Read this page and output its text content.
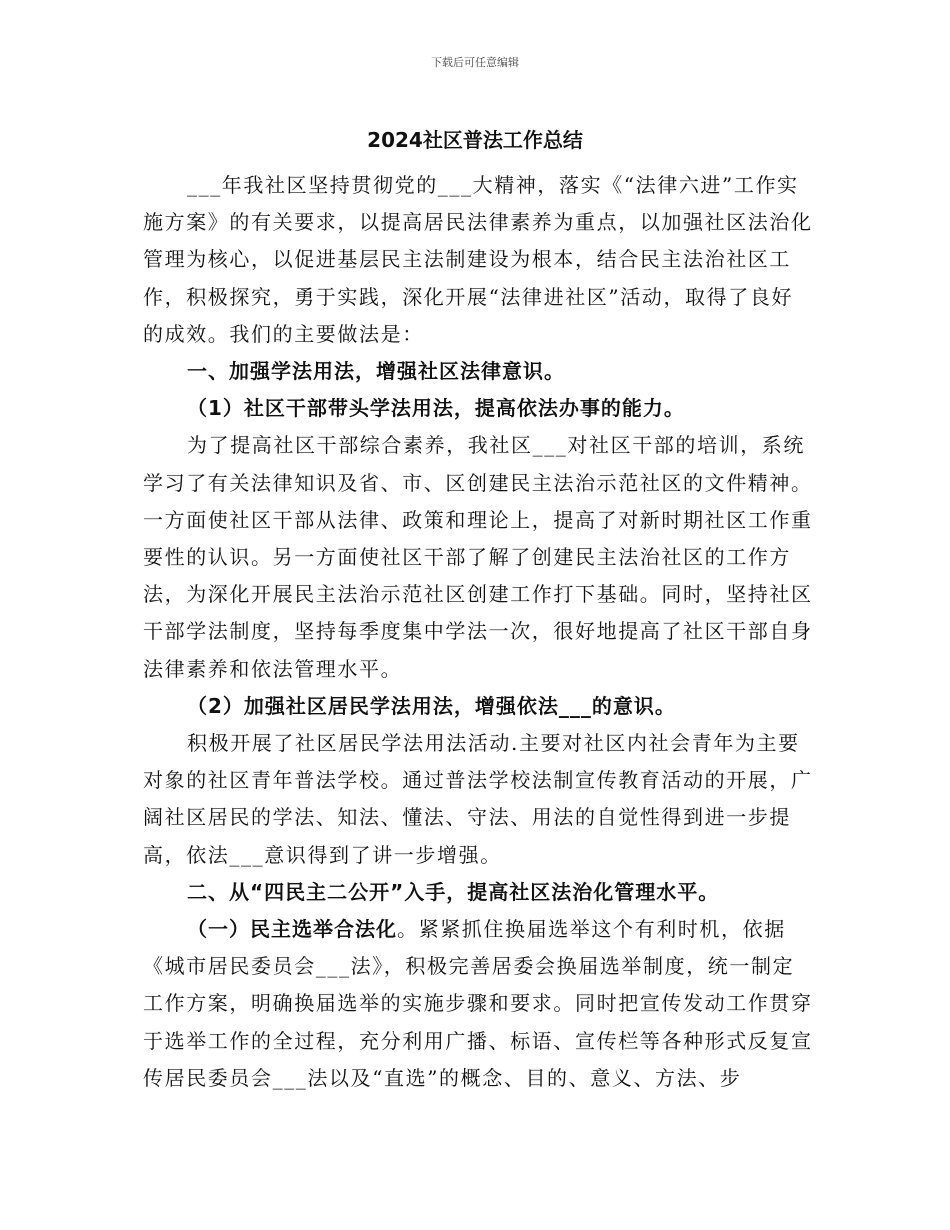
下载后可任意编辑
2024社区普法工作总结

___年我社区坚持贯彻党的___大精神，落实《“法律六进”工作实施方案》的有关要求，以提高居民法律素养为重点，以加强社区法治化管理为核心，以促进基层民主法制建设为根本，结合民主法治社区工作，积极探究，勇于实践，深化开展“法律进社区”活动，取得了良好的成效。我们的主要做法是：

一、加强学法用法，增强社区法律意识。

（1）社区干部带头学法用法，提高依法办事的能力。

为了提高社区干部综合素养，我社区___对社区干部的培训，系统学习了有关法律知识及省、市、区创建民主法治示范社区的文件精神。一方面使社区干部从法律、政策和理论上，提高了对新时期社区工作重要性的认识。另一方面使社区干部了解了创建民主法治社区的工作方法，为深化开展民主法治示范社区创建工作打下基础。同时，坚持社区干部学法制度，坚持每季度集中学法一次，很好地提高了社区干部自身法律素养和依法管理水平。

（2）加强社区居民学法用法，增强依法___的意识。

积极开展了社区居民学法用法活动.主要对社区内社会青年为主要对象的社区青年普法学校。通过普法学校法制宣传教育活动的开展，广阔社区居民的学法、知法、懂法、守法、用法的自觉性得到进一步提高，依法___意识得到了讲一步增强。

二、从“四民主二公开”入手，提高社区法治化管理水平。

（一）民主选举合法化。紧紧抓住换届选举这个有利时机，依据《城市居民委员会___法》，积极完善居委会换届选举制度，统一制定工作方案，明确换届选举的实施步骤和要求。同时把宣传发动工作贯穿于选举工作的全过程，充分利用广播、标语、宣传栏等各种形式反复宣传居民委员会___法以及“直选”的概念、目的、意义、方法、步
